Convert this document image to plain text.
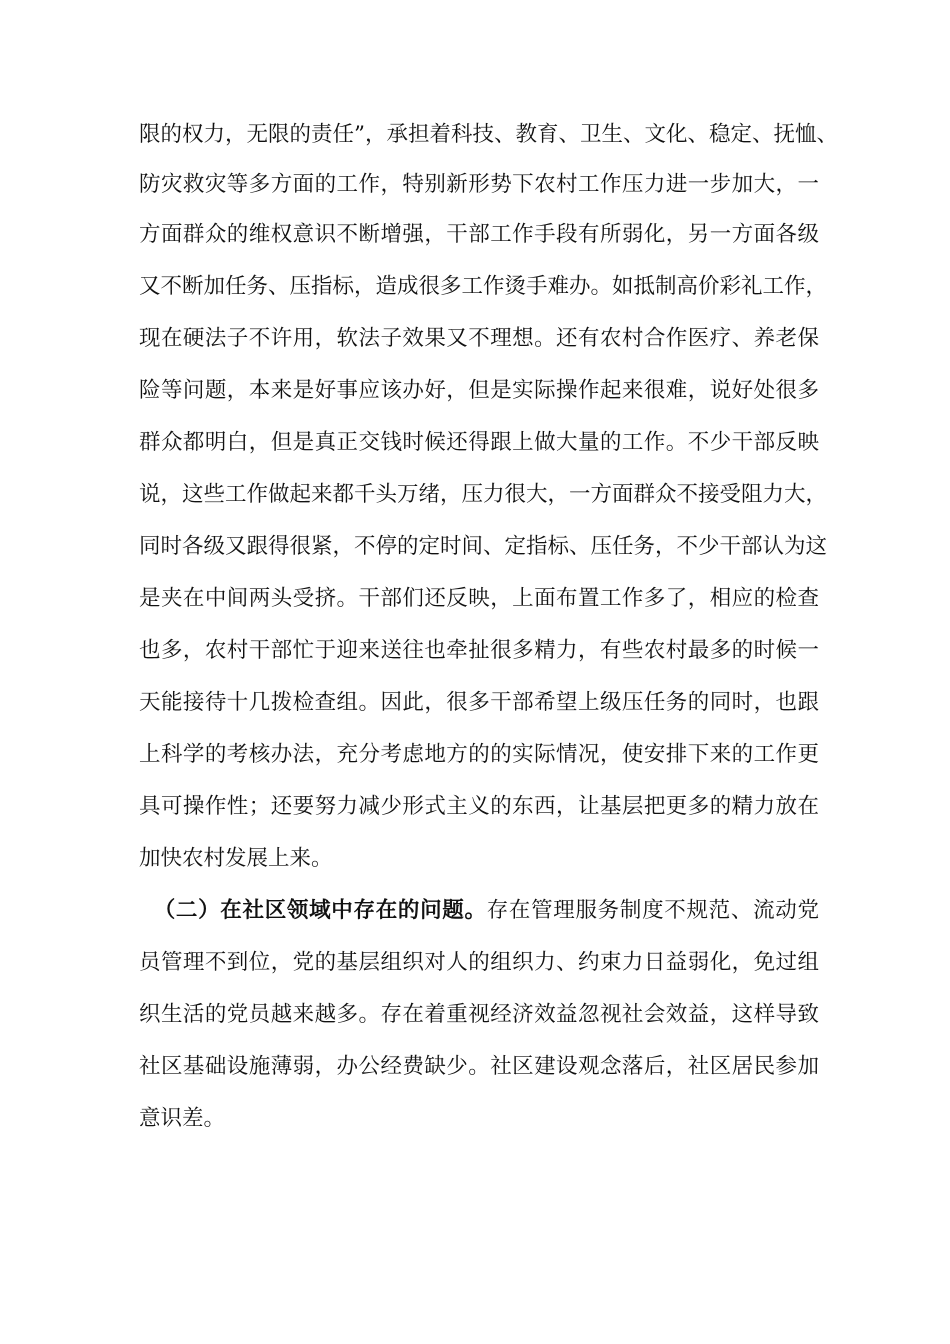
限的权力，无限的责任”，承担着科技、教育、卫生、文化、稳定、抚恤、
防灾救灾等多方面的工作，特别新形势下农村工作压力进一步加大，一
方面群众的维权意识不断增强，干部工作手段有所弱化，另一方面各级
又不断加任务、压指标，造成很多工作烫手难办。如抵制高价彩礼工作，
现在硬法子不许用，软法子效果又不理想。还有农村合作医疗、养老保
险等问题，本来是好事应该办好，但是实际操作起来很难，说好处很多
群众都明白，但是真正交钱时候还得跟上做大量的工作。不少干部反映
说，这些工作做起来都千头万绪，压力很大，一方面群众不接受阻力大，
同时各级又跟得很紧，不停的定时间、定指标、压任务，不少干部认为这
是夹在中间两头受挤。干部们还反映，上面布置工作多了，相应的检查
也多，农村干部忙于迎来送往也牵扯很多精力，有些农村最多的时候一
天能接待十几拨检查组。因此，很多干部希望上级压任务的同时，也跟
上科学的考核办法，充分考虑地方的的实际情况，使安排下来的工作更
具可操作性；还要努力减少形式主义的东西，让基层把更多的精力放在
加快农村发展上来。
（二）在社区领域中存在的问题。存在管理服务制度不规范、流动党
员管理不到位，党的基层组织对人的组织力、约束力日益弱化，免过组
织生活的党员越来越多。存在着重视经济效益忽视社会效益，这样导致
社区基础设施薄弱，办公经费缺少。社区建设观念落后，社区居民参加
意识差。
